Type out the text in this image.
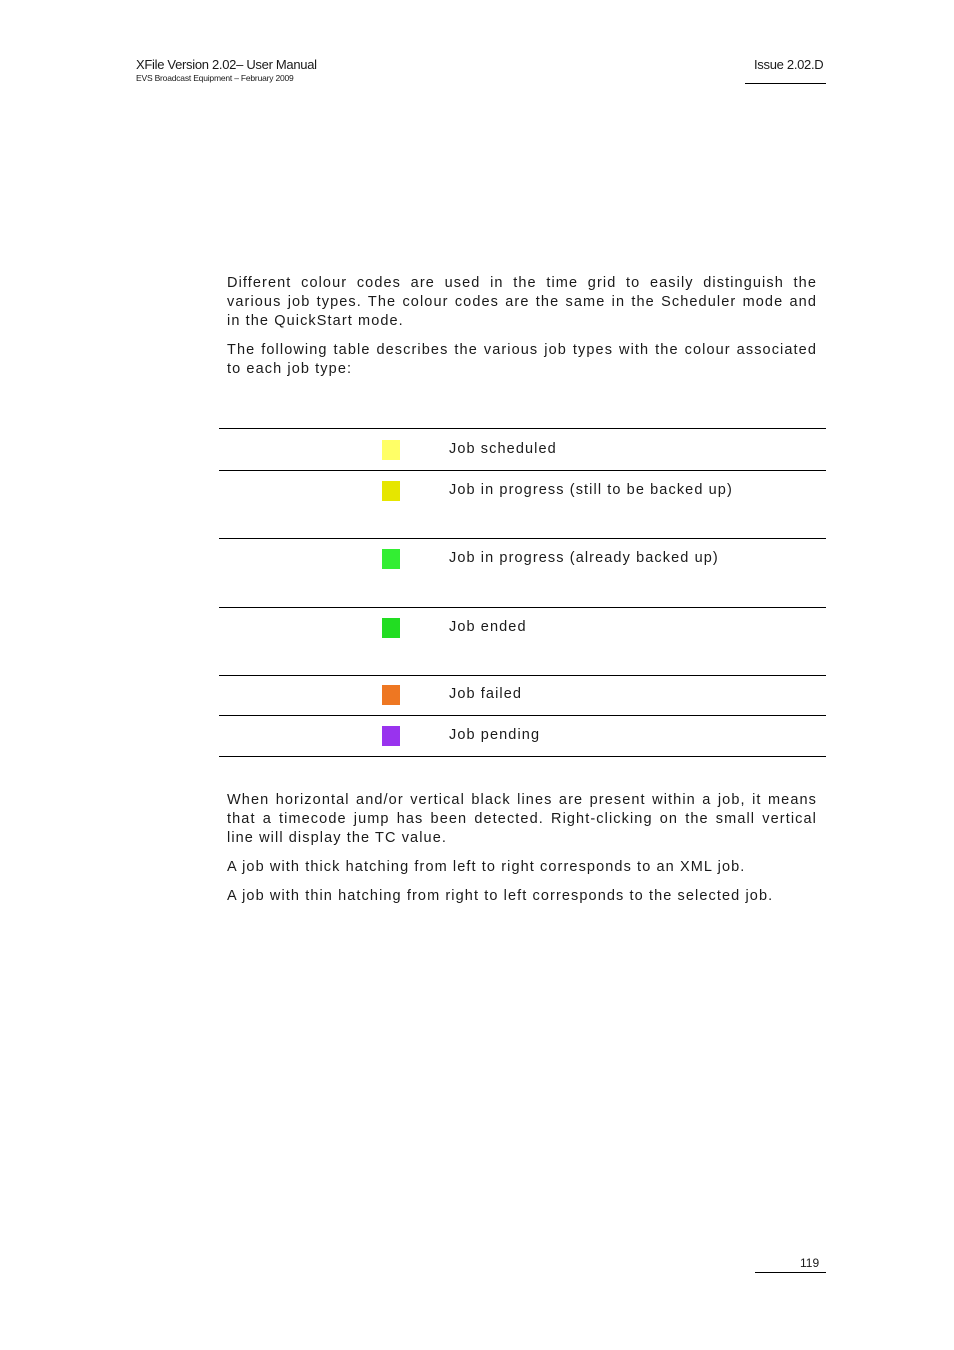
XFile Version 2.02– User Manual
EVS Broadcast Equipment – February 2009
Issue 2.02.D

Different colour codes are used in the time grid to easily distinguish the various job types. The colour codes are the same in the Scheduler mode and in the QuickStart mode.

The following table describes the various job types with the colour associated to each job type:

Job scheduled
Job in progress (still to be backed up)
Job in progress (already backed up)
Job ended
Job failed
Job pending

When horizontal and/or vertical black lines are present within a job, it means that a timecode jump has been detected. Right-clicking on the small vertical line will display the TC value.

A job with thick hatching from left to right corresponds to an XML job.

A job with thin hatching from right to left corresponds to the selected job.

119
